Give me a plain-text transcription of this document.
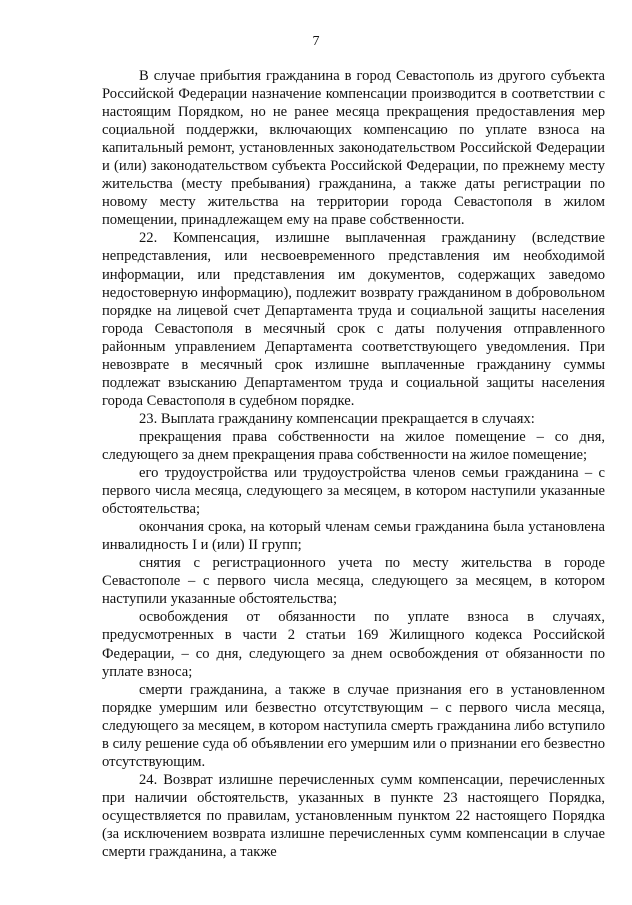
7

В случае прибытия гражданина в город Севастополь из другого субъекта Российской Федерации назначение компенсации производится в соответствии с настоящим Порядком, но не ранее месяца прекращения предоставления мер социальной поддержки, включающих компенсацию по уплате взноса на капитальный ремонт, установленных законодательством Российской Федерации и (или) законодательством субъекта Российской Федерации, по прежнему месту жительства (месту пребывания) гражданина, а также даты регистрации по новому месту жительства на территории города Севастополя в жилом помещении, принадлежащем ему на праве собственности.

22. Компенсация, излишне выплаченная гражданину (вследствие непредставления, или несвоевременного представления им необходимой информации, или представления им документов, содержащих заведомо недостоверную информацию), подлежит возврату гражданином в добровольном порядке на лицевой счет Департамента труда и социальной защиты населения города Севастополя в месячный срок с даты получения отправленного районным управлением Департамента соответствующего уведомления. При невозврате в месячный срок излишне выплаченные гражданину суммы подлежат взысканию Департаментом труда и социальной защиты населения города Севастополя в судебном порядке.

23. Выплата гражданину компенсации прекращается в случаях:

прекращения права собственности на жилое помещение – со дня, следующего за днем прекращения права собственности на жилое помещение;

его трудоустройства или трудоустройства членов семьи гражданина – с первого числа месяца, следующего за месяцем, в котором наступили указанные обстоятельства;

окончания срока, на который членам семьи гражданина была установлена инвалидность I и (или) II групп;

снятия с регистрационного учета по месту жительства в городе Севастополе – с первого числа месяца, следующего за месяцем, в котором наступили указанные обстоятельства;

освобождения от обязанности по уплате взноса в случаях, предусмотренных в части 2 статьи 169 Жилищного кодекса Российской Федерации, – со дня, следующего за днем освобождения от обязанности по уплате взноса;

смерти гражданина, а также в случае признания его в установленном порядке умершим или безвестно отсутствующим – с первого числа месяца, следующего за месяцем, в котором наступила смерть гражданина либо вступило в силу решение суда об объявлении его умершим или о признании его безвестно отсутствующим.

24. Возврат излишне перечисленных сумм компенсации, перечисленных при наличии обстоятельств, указанных в пункте 23 настоящего Порядка, осуществляется по правилам, установленным пунктом 22 настоящего Порядка (за исключением возврата излишне перечисленных сумм компенсации в случае смерти гражданина, а также
